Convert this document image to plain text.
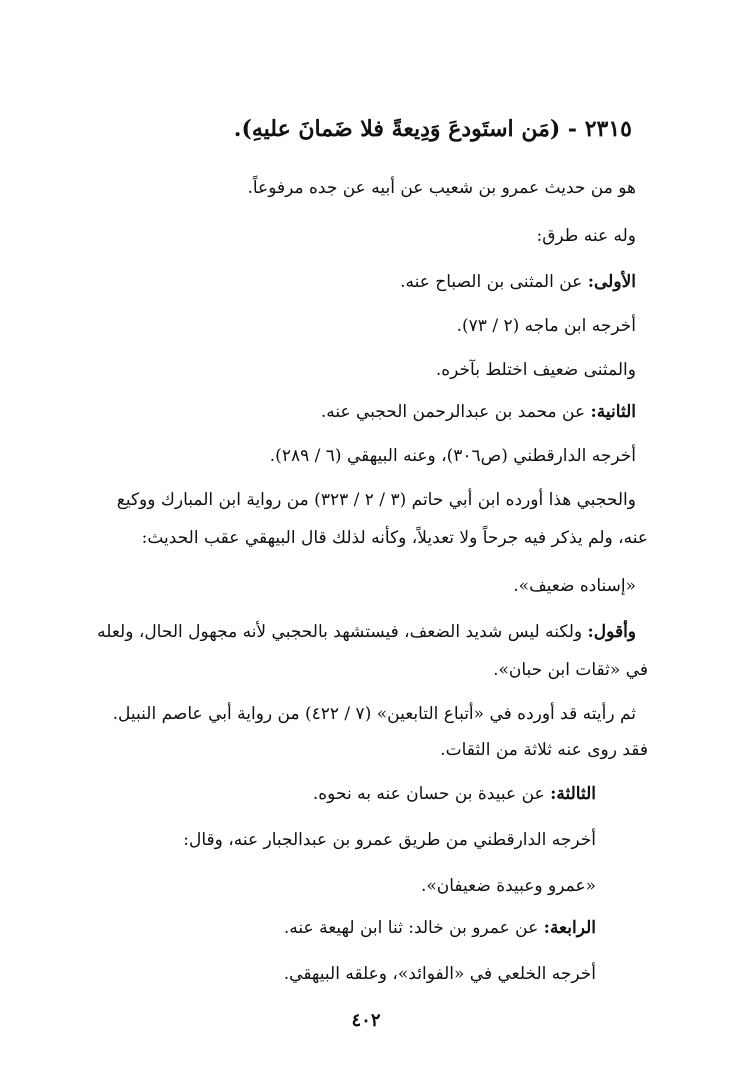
٢٣١٥ - (مَن استَودعَ وَدِيعةً فلا ضَمانَ عليهِ).
هو من حديث عمرو بن شعيب عن أبيه عن جده مرفوعاً.
وله عنه طرق:
الأولى: عن المثنى بن الصباح عنه.
أخرجه ابن ماجه (٢ / ٧٣).
والمثنى ضعيف اختلط بآخره.
الثانية: عن محمد بن عبدالرحمن الحجبي عنه.
أخرجه الدارقطني (ص٣٠٦)، وعنه البيهقي (٦ / ٢٨٩).
والحجبي هذا أورده ابن أبي حاتم (٣ / ٢ / ٣٢٣) من رواية ابن المبارك ووكيع
عنه، ولم يذكر فيه جرحاً ولا تعديلاً، وكأنه لذلك قال البيهقي عقب الحديث:
«إسناده ضعيف».
وأقول: ولكنه ليس شديد الضعف، فيستشهد بالحجبي لأنه مجهول الحال، ولعله
في «ثقات ابن حبان».
ثم رأيته قد أورده في «أتباع التابعين» (٧ / ٤٢٢) من رواية أبي عاصم النبيل.
فقد روى عنه ثلاثة من الثقات.
الثالثة: عن عبيدة بن حسان عنه به نحوه.
أخرجه الدارقطني من طريق عمرو بن عبدالجبار عنه، وقال:
«عمرو وعبيدة ضعيفان».
الرابعة: عن عمرو بن خالد: ثنا ابن لهيعة عنه.
أخرجه الخلعي في «الفوائد»، وعلقه البيهقي.
٤٠٢
